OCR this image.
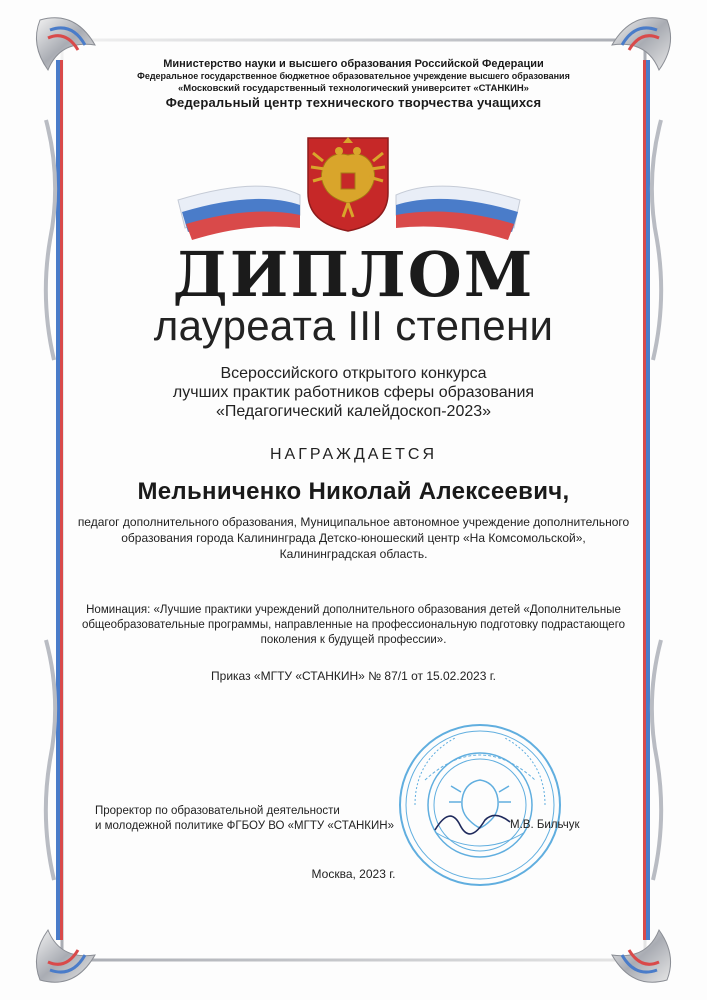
Министерство науки и высшего образования Российской Федерации

Федеральное государственное бюджетное образовательное учреждение высшего образования

«Московский государственный технологический университет «СТАНКИН»

Федеральный центр технического творчества учащихся

ДИПЛОМ

лауреата III степени

Всероссийского открытого конкурса
лучших практик работников сферы образования
«Педагогический калейдоскоп-2023»

НАГРАЖДАЕТСЯ

Мельниченко Николай Алексеевич,

педагог дополнительного образования, Муниципальное автономное учреждение дополнительного
образования города Калининграда Детско-юношеский центр «На Комсомольской»,
Калининградская область.
Номинация: «Лучшие практики учреждений дополнительного образования детей «Дополнительные
общеобразовательные программы, направленные на профессиональную подготовку подрастающего
поколения к будущей профессии».

Приказ «МГТУ «СТАНКИН» № 87/1 от 15.02.2023 г.

Проректор по образовательной деятельности
и молодежной политике ФГБОУ ВО «МГТУ «СТАНКИН»	М.В. Бильчук

Москва, 2023 г.
